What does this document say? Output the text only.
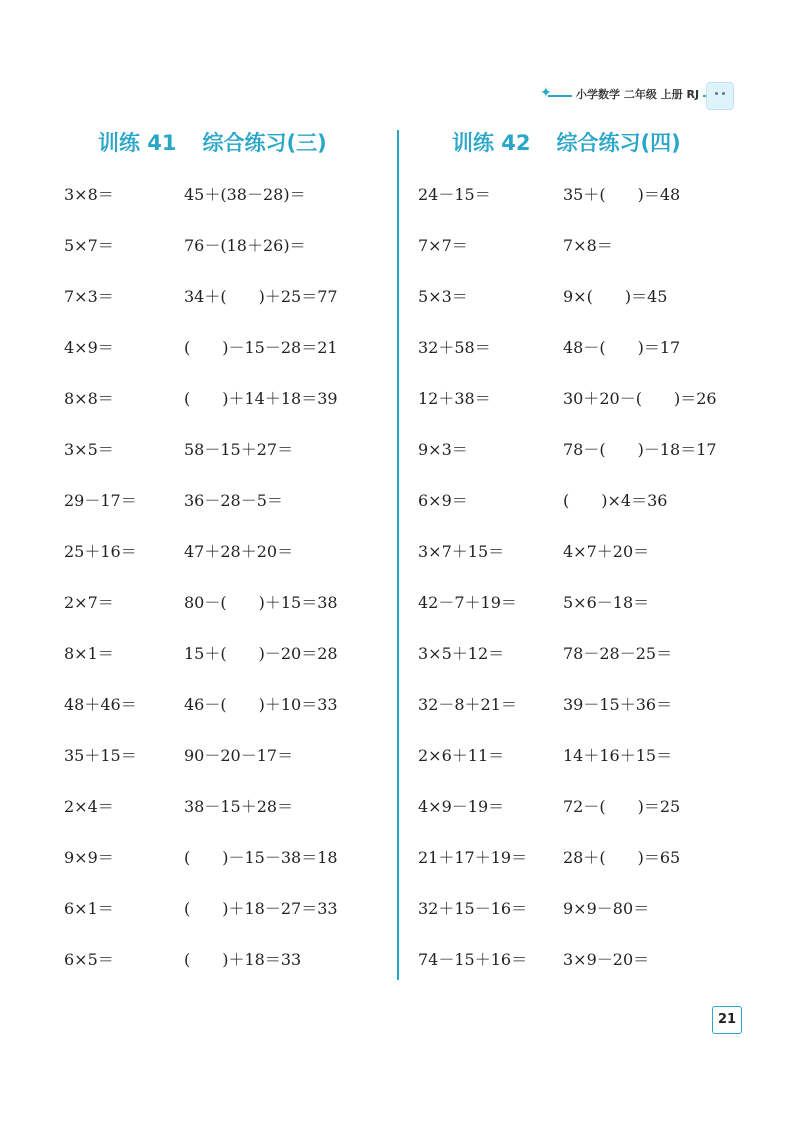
✦	小学数学 二年级 上册 RJ
训练 41 综合练习(三)	训练 42 综合练习(四)
3×8＝
5×7＝
7×3＝
4×9＝
8×8＝
3×5＝
29－17＝
25＋16＝
2×7＝
8×1＝
48＋46＝
35＋15＝
2×4＝
9×9＝
6×1＝
6×5＝
45＋(38－28)＝
76－(18＋26)＝
34＋(　　)＋25＝77
(　　)－15－28＝21
(　　)＋14＋18＝39
58－15＋27＝
36－28－5＝
47＋28＋20＝
80－(　　)＋15＝38
15＋(　　)－20＝28
46－(　　)＋10＝33
90－20－17＝
38－15＋28＝
(　　)－15－38＝18
(　　)＋18－27＝33
(　　)＋18＝33
24－15＝
7×7＝
5×3＝
32＋58＝
12＋38＝
9×3＝
6×9＝
3×7＋15＝
42－7＋19＝
3×5＋12＝
32－8＋21＝
2×6＋11＝
4×9－19＝
21＋17＋19＝
32＋15－16＝
74－15＋16＝
35＋(　　)＝48
7×8＝
9×(　　)＝45
48－(　　)＝17
30＋20－(　　)＝26
78－(　　)－18＝17
(　　)×4＝36
4×7＋20＝
5×6－18＝
78－28－25＝
39－15＋36＝
14＋16＋15＝
72－(　　)＝25
28＋(　　)＝65
9×9－80＝
3×9－20＝
21
